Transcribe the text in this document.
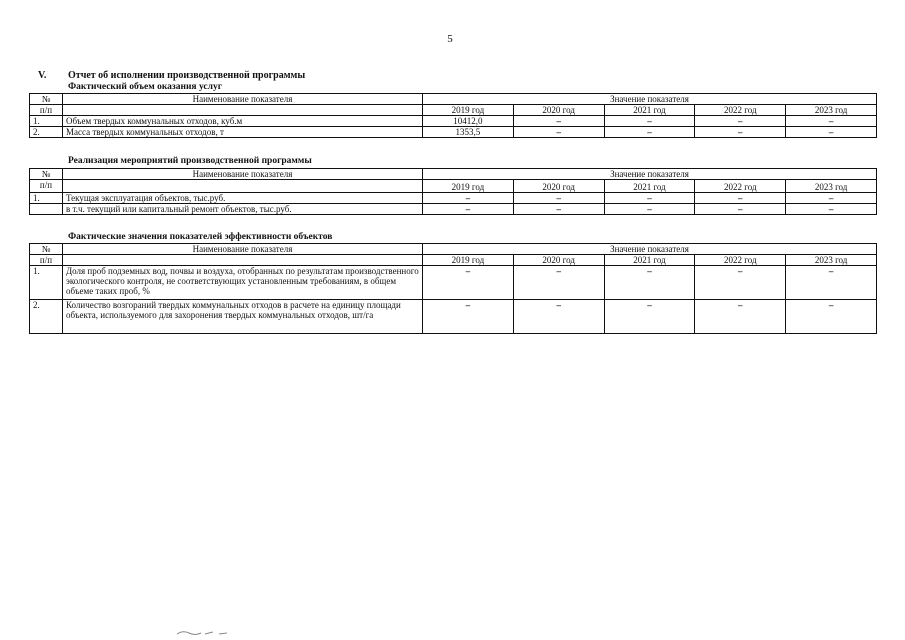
5
V. Отчет об исполнении производственной программы
Фактический объем оказания услуг
№	Наименование показателя	Значение показателя				
п/п		2019 год	2020 год	2021 год	2022 год	2023 год
1.	Объем твердых коммунальных отходов, куб.м	10412,0	–	–	–	–
2.	Масса твердых коммунальных отходов, т	1353,5	–	–	–	–
Реализация мероприятий производственной программы
№	Наименование показателя	Значение показателя				
п/п		2019 год	2020 год	2021 год	2022 год	2023 год
1.	Текущая эксплуатация объектов, тыс.руб.	–	–	–	–	–
	в т.ч. текущий или капитальный ремонт объектов, тыс.руб.	–	–	–	–	–
Фактические значения показателей эффективности объектов
№	Наименование показателя	Значение показателя				
п/п		2019 год	2020 год	2021 год	2022 год	2023 год
1.	Доля проб подземных вод, почвы и воздуха, отобранных по результатам производственного экологического контроля, не соответствующих установленным требованиям, в общем объеме таких проб, %	–	–	–	–	–
2.	Количество возгораний твердых коммунальных отходов в расчете на единицу площади объекта, используемого для захоронения твердых коммунальных отходов, шт/га	–	–	–	–	–
